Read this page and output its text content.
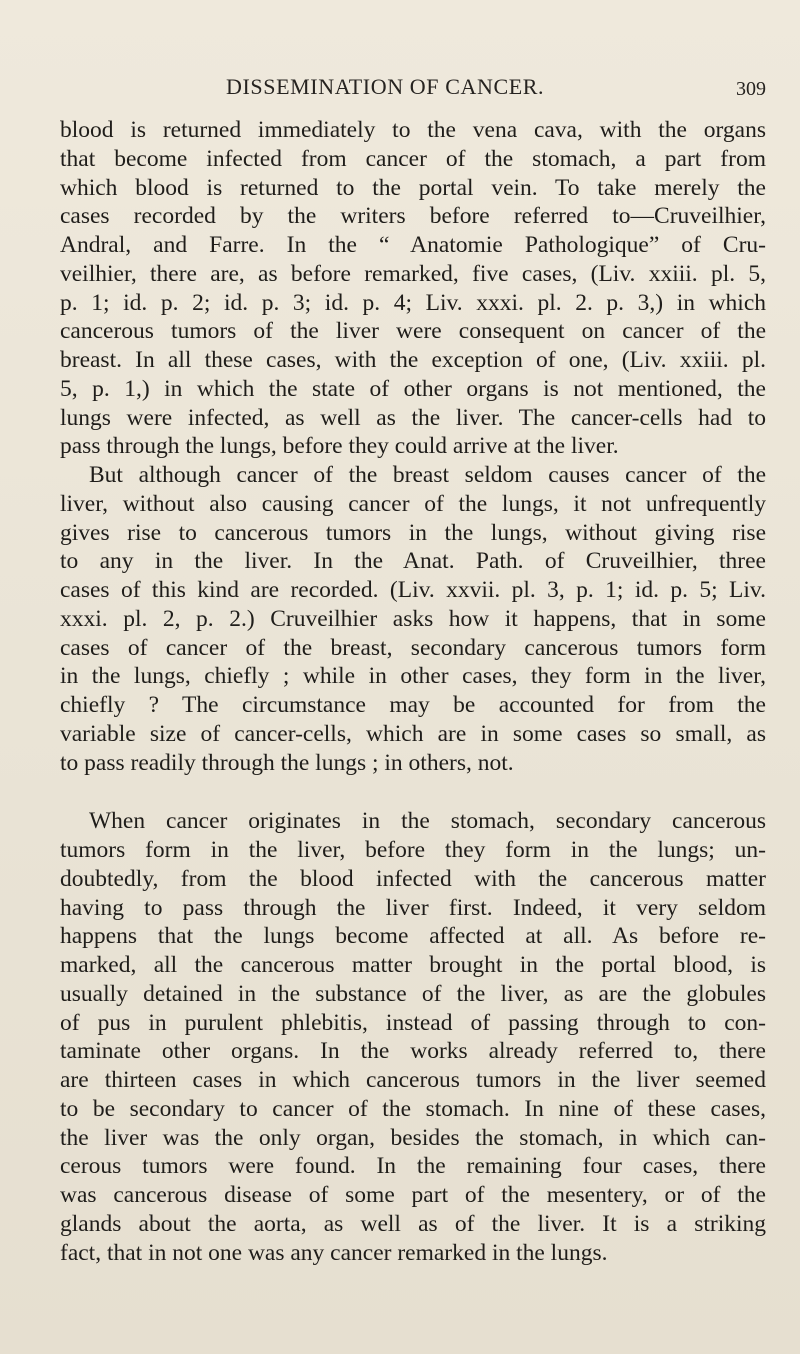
DISSEMINATION OF CANCER.	309
blood is returned immediately to the vena cava, with the organs
that become infected from cancer of the stomach, a part from
which blood is returned to the portal vein. To take merely the
cases recorded by the writers before referred to—Cruveilhier,
Andral, and Farre. In the “ Anatomie Pathologique” of Cru-
veilhier, there are, as before remarked, five cases, (Liv. xxiii. pl. 5,
p. 1; id. p. 2; id. p. 3; id. p. 4; Liv. xxxi. pl. 2. p. 3,) in which
cancerous tumors of the liver were consequent on cancer of the
breast. In all these cases, with the exception of one, (Liv. xxiii. pl.
5, p. 1,) in which the state of other organs is not mentioned, the
lungs were infected, as well as the liver. The cancer-cells had to
pass through the lungs, before they could arrive at the liver.
But although cancer of the breast seldom causes cancer of the
liver, without also causing cancer of the lungs, it not unfrequently
gives rise to cancerous tumors in the lungs, without giving rise
to any in the liver. In the Anat. Path. of Cruveilhier, three
cases of this kind are recorded. (Liv. xxvii. pl. 3, p. 1; id. p. 5; Liv.
xxxi. pl. 2, p. 2.) Cruveilhier asks how it happens, that in some
cases of cancer of the breast, secondary cancerous tumors form
in the lungs, chiefly ; while in other cases, they form in the liver,
chiefly ? The circumstance may be accounted for from the
variable size of cancer-cells, which are in some cases so small, as
to pass readily through the lungs ; in others, not.
When cancer originates in the stomach, secondary cancerous
tumors form in the liver, before they form in the lungs; un-
doubtedly, from the blood infected with the cancerous matter
having to pass through the liver first. Indeed, it very seldom
happens that the lungs become affected at all. As before re-
marked, all the cancerous matter brought in the portal blood, is
usually detained in the substance of the liver, as are the globules
of pus in purulent phlebitis, instead of passing through to con-
taminate other organs. In the works already referred to, there
are thirteen cases in which cancerous tumors in the liver seemed
to be secondary to cancer of the stomach. In nine of these cases,
the liver was the only organ, besides the stomach, in which can-
cerous tumors were found. In the remaining four cases, there
was cancerous disease of some part of the mesentery, or of the
glands about the aorta, as well as of the liver. It is a striking
fact, that in not one was any cancer remarked in the lungs.
